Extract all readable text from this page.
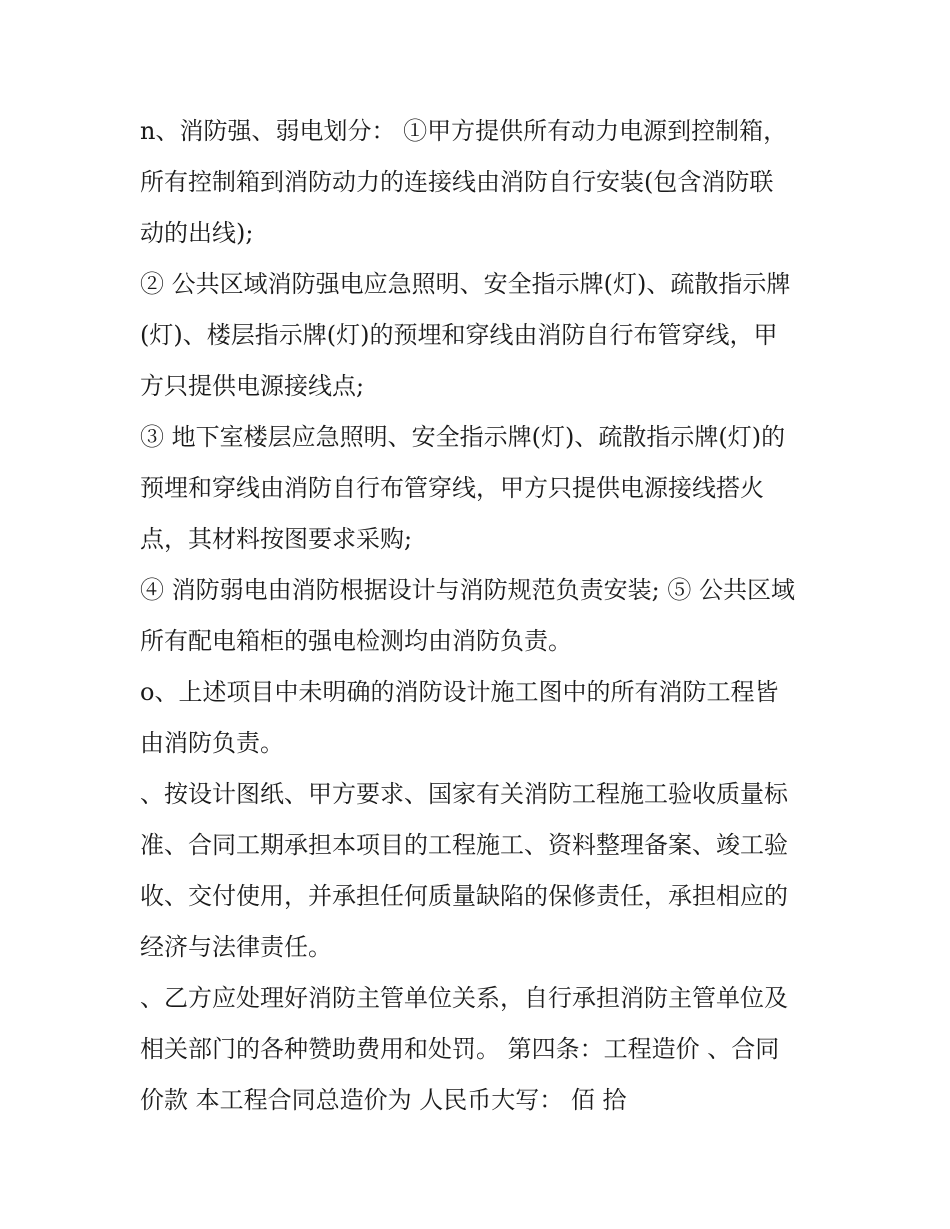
n、消防强、弱电划分： ①甲方提供所有动力电源到控制箱，
所有控制箱到消防动力的连接线由消防自行安装(包含消防联
动的出线);
② 公共区域消防强电应急照明、安全指示牌(灯)、疏散指示牌
(灯)、楼层指示牌(灯)的预埋和穿线由消防自行布管穿线，甲
方只提供电源接线点;
③ 地下室楼层应急照明、安全指示牌(灯)、疏散指示牌(灯)的
预埋和穿线由消防自行布管穿线，甲方只提供电源接线搭火
点，其材料按图要求采购;
④ 消防弱电由消防根据设计与消防规范负责安装; ⑤ 公共区域
所有配电箱柜的强电检测均由消防负责。
o、上述项目中未明确的消防设计施工图中的所有消防工程皆
由消防负责。
、按设计图纸、甲方要求、国家有关消防工程施工验收质量标
准、合同工期承担本项目的工程施工、资料整理备案、竣工验
收、交付使用，并承担任何质量缺陷的保修责任，承担相应的
经济与法律责任。
、乙方应处理好消防主管单位关系，自行承担消防主管单位及
相关部门的各种赞助费用和处罚。 第四条：工程造价 、合同
价款 本工程合同总造价为 人民币大写： 佰 拾
